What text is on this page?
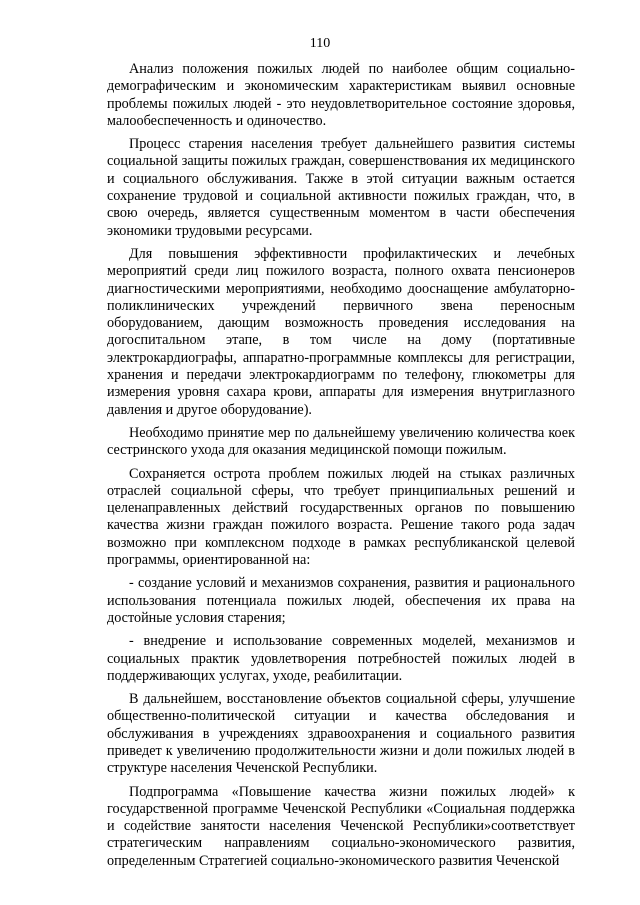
110

Анализ положения пожилых людей по наиболее общим социально-демографическим и экономическим характеристикам выявил основные проблемы пожилых людей - это неудовлетворительное состояние здоровья, малообеспеченность и одиночество.

Процесс старения населения требует дальнейшего развития системы социальной защиты пожилых граждан, совершенствования их медицинского и социального обслуживания. Также в этой ситуации важным остается сохранение трудовой и социальной активности пожилых граждан, что, в свою очередь, является существенным моментом в части обеспечения экономики трудовыми ресурсами.

Для повышения эффективности профилактических и лечебных мероприятий среди лиц пожилого возраста, полного охвата пенсионеров диагностическими мероприятиями, необходимо дооснащение амбулаторно-поликлинических учреждений первичного звена переносным оборудованием, дающим возможность проведения исследования на догоспитальном этапе, в том числе на дому (портативные электрокардиографы, аппаратно-программные комплексы для регистрации, хранения и передачи электрокардиограмм по телефону, глюкометры для измерения уровня сахара крови, аппараты для измерения внутриглазного давления и другое оборудование).

Необходимо принятие мер по дальнейшему увеличению количества коек сестринского ухода для оказания медицинской помощи пожилым.

Сохраняется острота проблем пожилых людей на стыках различных отраслей социальной сферы, что требует принципиальных решений и целенаправленных действий государственных органов по повышению качества жизни граждан пожилого возраста. Решение такого рода задач возможно при комплексном подходе в рамках республиканской целевой программы, ориентированной на:

- создание условий и механизмов сохранения, развития и рационального использования потенциала пожилых людей, обеспечения их права на достойные условия старения;

- внедрение и использование современных моделей, механизмов и социальных практик удовлетворения потребностей пожилых людей в поддерживающих услугах, уходе, реабилитации.

В дальнейшем, восстановление объектов социальной сферы, улучшение общественно-политической ситуации и качества обследования и обслуживания в учреждениях здравоохранения и социального развития приведет к увеличению продолжительности жизни и доли пожилых людей в структуре населения Чеченской Республики.

Подпрограмма «Повышение качества жизни пожилых людей» к государственной программе Чеченской Республики «Социальная поддержка и содействие занятости населения Чеченской Республики»соответствует стратегическим направлениям социально-экономического развития, определенным Стратегией социально-экономического развития Чеченской
